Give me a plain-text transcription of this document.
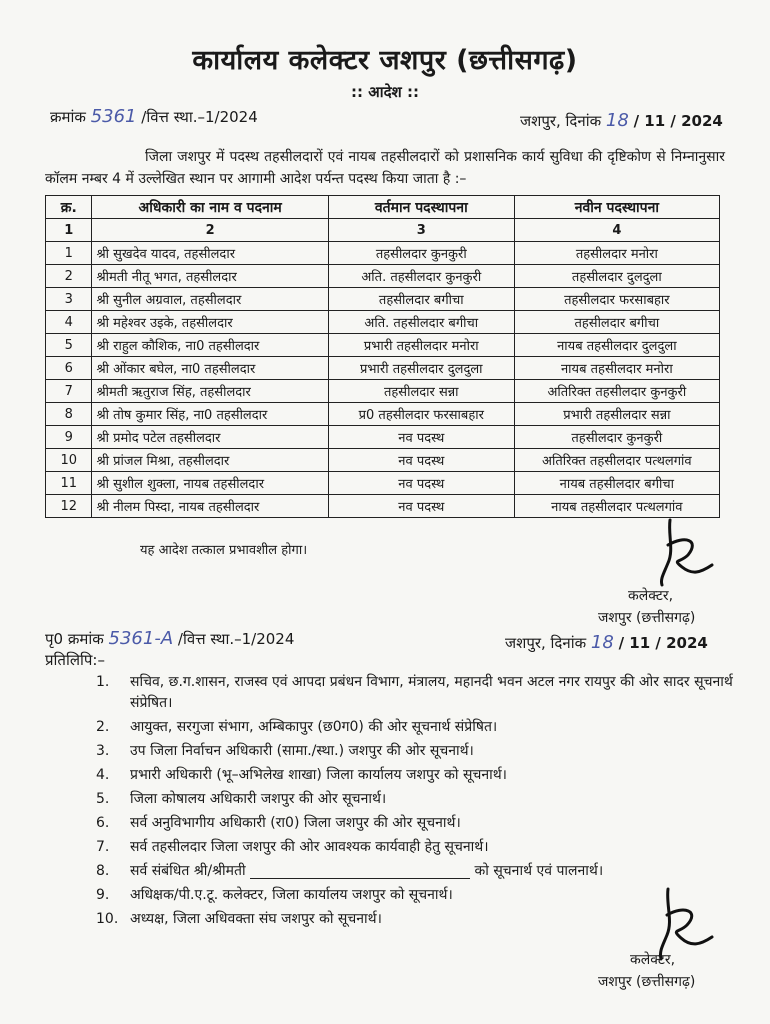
कार्यालय कलेक्टर जशपुर (छत्तीसगढ़)
:: आदेश ::
क्रमांक 5361 /वित्त स्था.–1/2024	जशपुर, दिनांक 18 / 11 / 2024
जिला जशपुर में पदस्थ तहसीलदारों एवं नायब तहसीलदारों को प्रशासनिक कार्य सुविधा की दृष्टिकोण से निम्नानुसार कॉलम नम्बर 4 में उल्लेखित स्थान पर आगामी आदेश पर्यन्त पदस्थ किया जाता है :–
क्र.	अधिकारी का नाम व पदनाम	वर्तमान पदस्थापना	नवीन पदस्थापना
1	2	3	4
1	श्री सुखदेव यादव, तहसीलदार	तहसीलदार कुनकुरी	तहसीलदार मनोरा
2	श्रीमती नीतू भगत, तहसीलदार	अति. तहसीलदार कुनकुरी	तहसीलदार दुलदुला
3	श्री सुनील अग्रवाल, तहसीलदार	तहसीलदार बगीचा	तहसीलदार फरसाबहार
4	श्री महेश्वर उइके, तहसीलदार	अति. तहसीलदार बगीचा	तहसीलदार बगीचा
5	श्री राहुल कौशिक, ना0 तहसीलदार	प्रभारी तहसीलदार मनोरा	नायब तहसीलदार दुलदुला
6	श्री ओंकार बघेल, ना0 तहसीलदार	प्रभारी तहसीलदार दुलदुला	नायब तहसीलदार मनोरा
7	श्रीमती ऋतुराज सिंह, तहसीलदार	तहसीलदार सन्ना	अतिरिक्त तहसीलदार कुनकुरी
8	श्री तोष कुमार सिंह, ना0 तहसीलदार	प्र0 तहसीलदार फरसाबहार	प्रभारी तहसीलदार सन्ना
9	श्री प्रमोद पटेल तहसीलदार	नव पदस्थ	तहसीलदार कुनकुरी
10	श्री प्रांजल मिश्रा, तहसीलदार	नव पदस्थ	अतिरिक्त तहसीलदार पत्थलगांव
11	श्री सुशील शुक्ला, नायब तहसीलदार	नव पदस्थ	नायब तहसीलदार बगीचा
12	श्री नीलम पिस्दा, नायब तहसीलदार	नव पदस्थ	नायब तहसीलदार पत्थलगांव
यह आदेश तत्काल प्रभावशील होगा।
कलेक्टर,
जशपुर (छत्तीसगढ़)
पृ0 क्रमांक 5361-A /वित्त स्था.–1/2024	जशपुर, दिनांक 18 / 11 / 2024
प्रतिलिपि:–
1. सचिव, छ.ग.शासन, राजस्व एवं आपदा प्रबंधन विभाग, मंत्रालय, महानदी भवन अटल नगर रायपुर की ओर सादर सूचनार्थ संप्रेषित।
2. आयुक्त, सरगुजा संभाग, अम्बिकापुर (छ0ग0) की ओर सूचनार्थ संप्रेषित।
3. उप जिला निर्वाचन अधिकारी (सामा./स्था.) जशपुर की ओर सूचनार्थ।
4. प्रभारी अधिकारी (भू–अभिलेख शाखा) जिला कार्यालय जशपुर को सूचनार्थ।
5. जिला कोषालय अधिकारी जशपुर की ओर सूचनार्थ।
6. सर्व अनुविभागीय अधिकारी (रा0) जिला जशपुर की ओर सूचनार्थ।
7. सर्व तहसीलदार जिला जशपुर की ओर आवश्यक कार्यवाही हेतु सूचनार्थ।
8. सर्व संबंधित श्री/श्रीमती	को सूचनार्थ एवं पालनार्थ।
9. अधिक्षक/पी.ए.टू. कलेक्टर, जिला कार्यालय जशपुर को सूचनार्थ।
10. अध्यक्ष, जिला अधिवक्ता संघ जशपुर को सूचनार्थ।
कलेक्टर,
जशपुर (छत्तीसगढ़)
